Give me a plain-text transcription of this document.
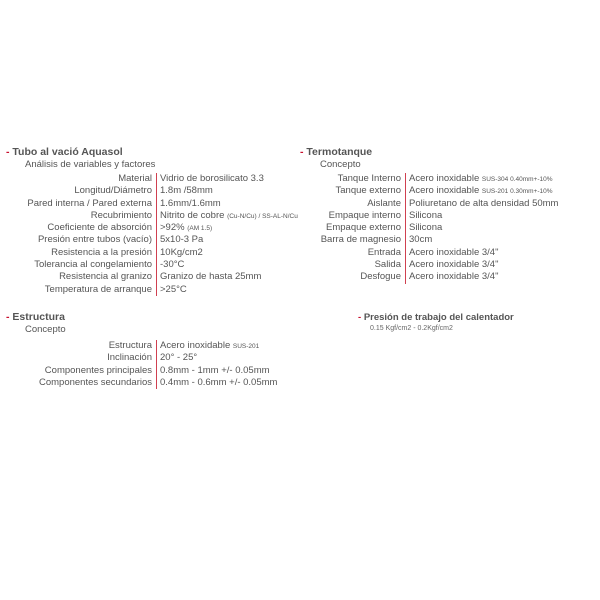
- Tubo al vació Aquasol
Análisis de variables y factores
Material Vidrio de borosilicato 3.3
Longitud/Diámetro 1.8m /58mm
Pared interna / Pared externa 1.6mm/1.6mm
Recubrimiento Nitrito de cobre (Cu-N/Cu) / SS-AL-N/Cu
Coeficiente de absorción >92% (AM 1.5)
Presión entre tubos (vacío) 5x10-3 Pa
Resistencia a la presión 10Kg/cm2
Tolerancia al congelamiento -30°C
Resistencia al granizo Granizo de hasta 25mm
Temperatura de arranque >25°C
- Termotanque
Concepto
Tanque Interno Acero inoxidable SUS-304 0.40mm+-10%
Tanque externo Acero inoxidable SUS-201 0.30mm+-10%
Aislante Poliuretano de alta densidad 50mm
Empaque interno Silicona
Empaque externo Silicona
Barra de magnesio 30cm
Entrada Acero inoxidable 3/4"
Salida Acero inoxidable 3/4"
Desfogue Acero inoxidable 3/4"
- Estructura
Concepto
Estructura Acero inoxidable SUS-201
Inclinación 20° - 25°
Componentes principales 0.8mm - 1mm +/- 0.05mm
Componentes secundarios 0.4mm - 0.6mm +/- 0.05mm
- Presión de trabajo del calentador
0.15 Kgf/cm2 - 0.2Kgf/cm2
